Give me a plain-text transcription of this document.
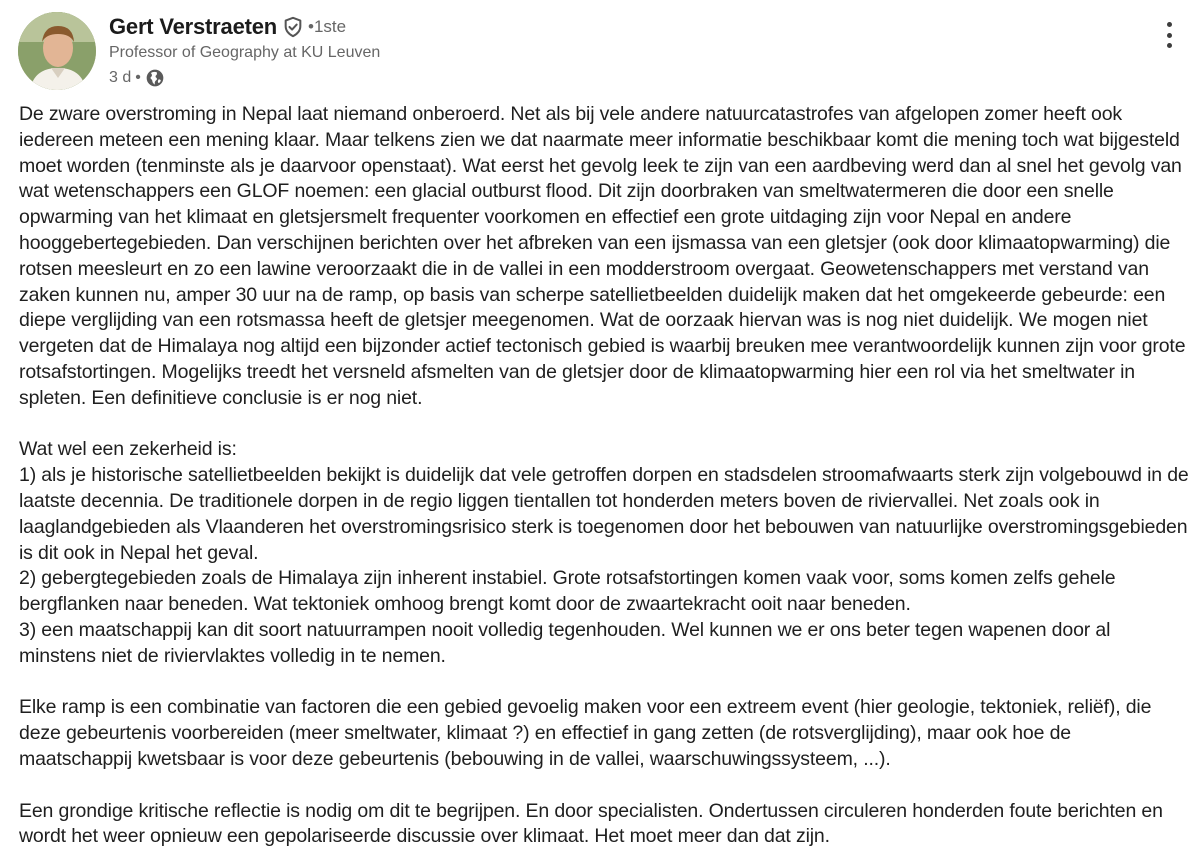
Gert Verstraeten •1ste
Professor of Geography at KU Leuven
3 d •

De zware overstroming in Nepal laat niemand onberoerd. Net als bij vele andere natuurcatastrofes van afgelopen zomer heeft ook iedereen meteen een mening klaar. Maar telkens zien we dat naarmate meer informatie beschikbaar komt die mening toch wat bijgesteld moet worden (tenminste als je daarvoor openstaat). Wat eerst het gevolg leek te zijn van een aardbeving werd dan al snel het gevolg van wat wetenschappers een GLOF noemen: een glacial outburst flood. Dit zijn doorbraken van smeltwatermeren die door een snelle opwarming van het klimaat en gletsjersmelt frequenter voorkomen en effectief een grote uitdaging zijn voor Nepal en andere hooggebertegebieden. Dan verschijnen berichten over het afbreken van een ijsmassa van een gletsjer (ook door klimaatopwarming) die rotsen meesleurt en zo een lawine veroorzaakt die in de vallei in een modderstroom overgaat. Geowetenschappers met verstand van zaken kunnen nu, amper 30 uur na de ramp, op basis van scherpe satellietbeelden duidelijk maken dat het omgekeerde gebeurde: een diepe verglijding van een rotsmassa heeft de gletsjer meegenomen. Wat de oorzaak hiervan was is nog niet duidelijk. We mogen niet vergeten dat de Himalaya nog altijd een bijzonder actief tectonisch gebied is waarbij breuken mee verantwoordelijk kunnen zijn voor grote rotsafstortingen. Mogelijks treedt het versneld afsmelten van de gletsjer door de klimaatopwarming hier een rol via het smeltwater in spleten. Een definitieve conclusie is er nog niet.

Wat wel een zekerheid is:
1) als je historische satellietbeelden bekijkt is duidelijk dat vele getroffen dorpen en stadsdelen stroomafwaarts sterk zijn volgebouwd in de laatste decennia. De traditionele dorpen in de regio liggen tientallen tot honderden meters boven de riviervallei. Net zoals ook in laaglandgebieden als Vlaanderen het overstromingsrisico sterk is toegenomen door het bebouwen van natuurlijke overstromingsgebieden is dit ook in Nepal het geval.
2) gebergtegebieden zoals de Himalaya zijn inherent instabiel. Grote rotsafstortingen komen vaak voor, soms komen zelfs gehele bergflanken naar beneden. Wat tektoniek omhoog brengt komt door de zwaartekracht ooit naar beneden.
3) een maatschappij kan dit soort natuurrampen nooit volledig tegenhouden. Wel kunnen we er ons beter tegen wapenen door al minstens niet de riviervlaktes volledig in te nemen.

Elke ramp is een combinatie van factoren die een gebied gevoelig maken voor een extreem event (hier geologie, tektoniek, reliëf), die deze gebeurtenis voorbereiden (meer smeltwater, klimaat ?) en effectief in gang zetten (de rotsverglijding), maar ook hoe de maatschappij kwetsbaar is voor deze gebeurtenis (bebouwing in de vallei, waarschuwingssysteem, ...).

Een grondige kritische reflectie is nodig om dit te begrijpen. En door specialisten. Ondertussen circuleren honderden foute berichten en wordt het weer opnieuw een gepolariseerde discussie over klimaat. Het moet meer dan dat zijn.
